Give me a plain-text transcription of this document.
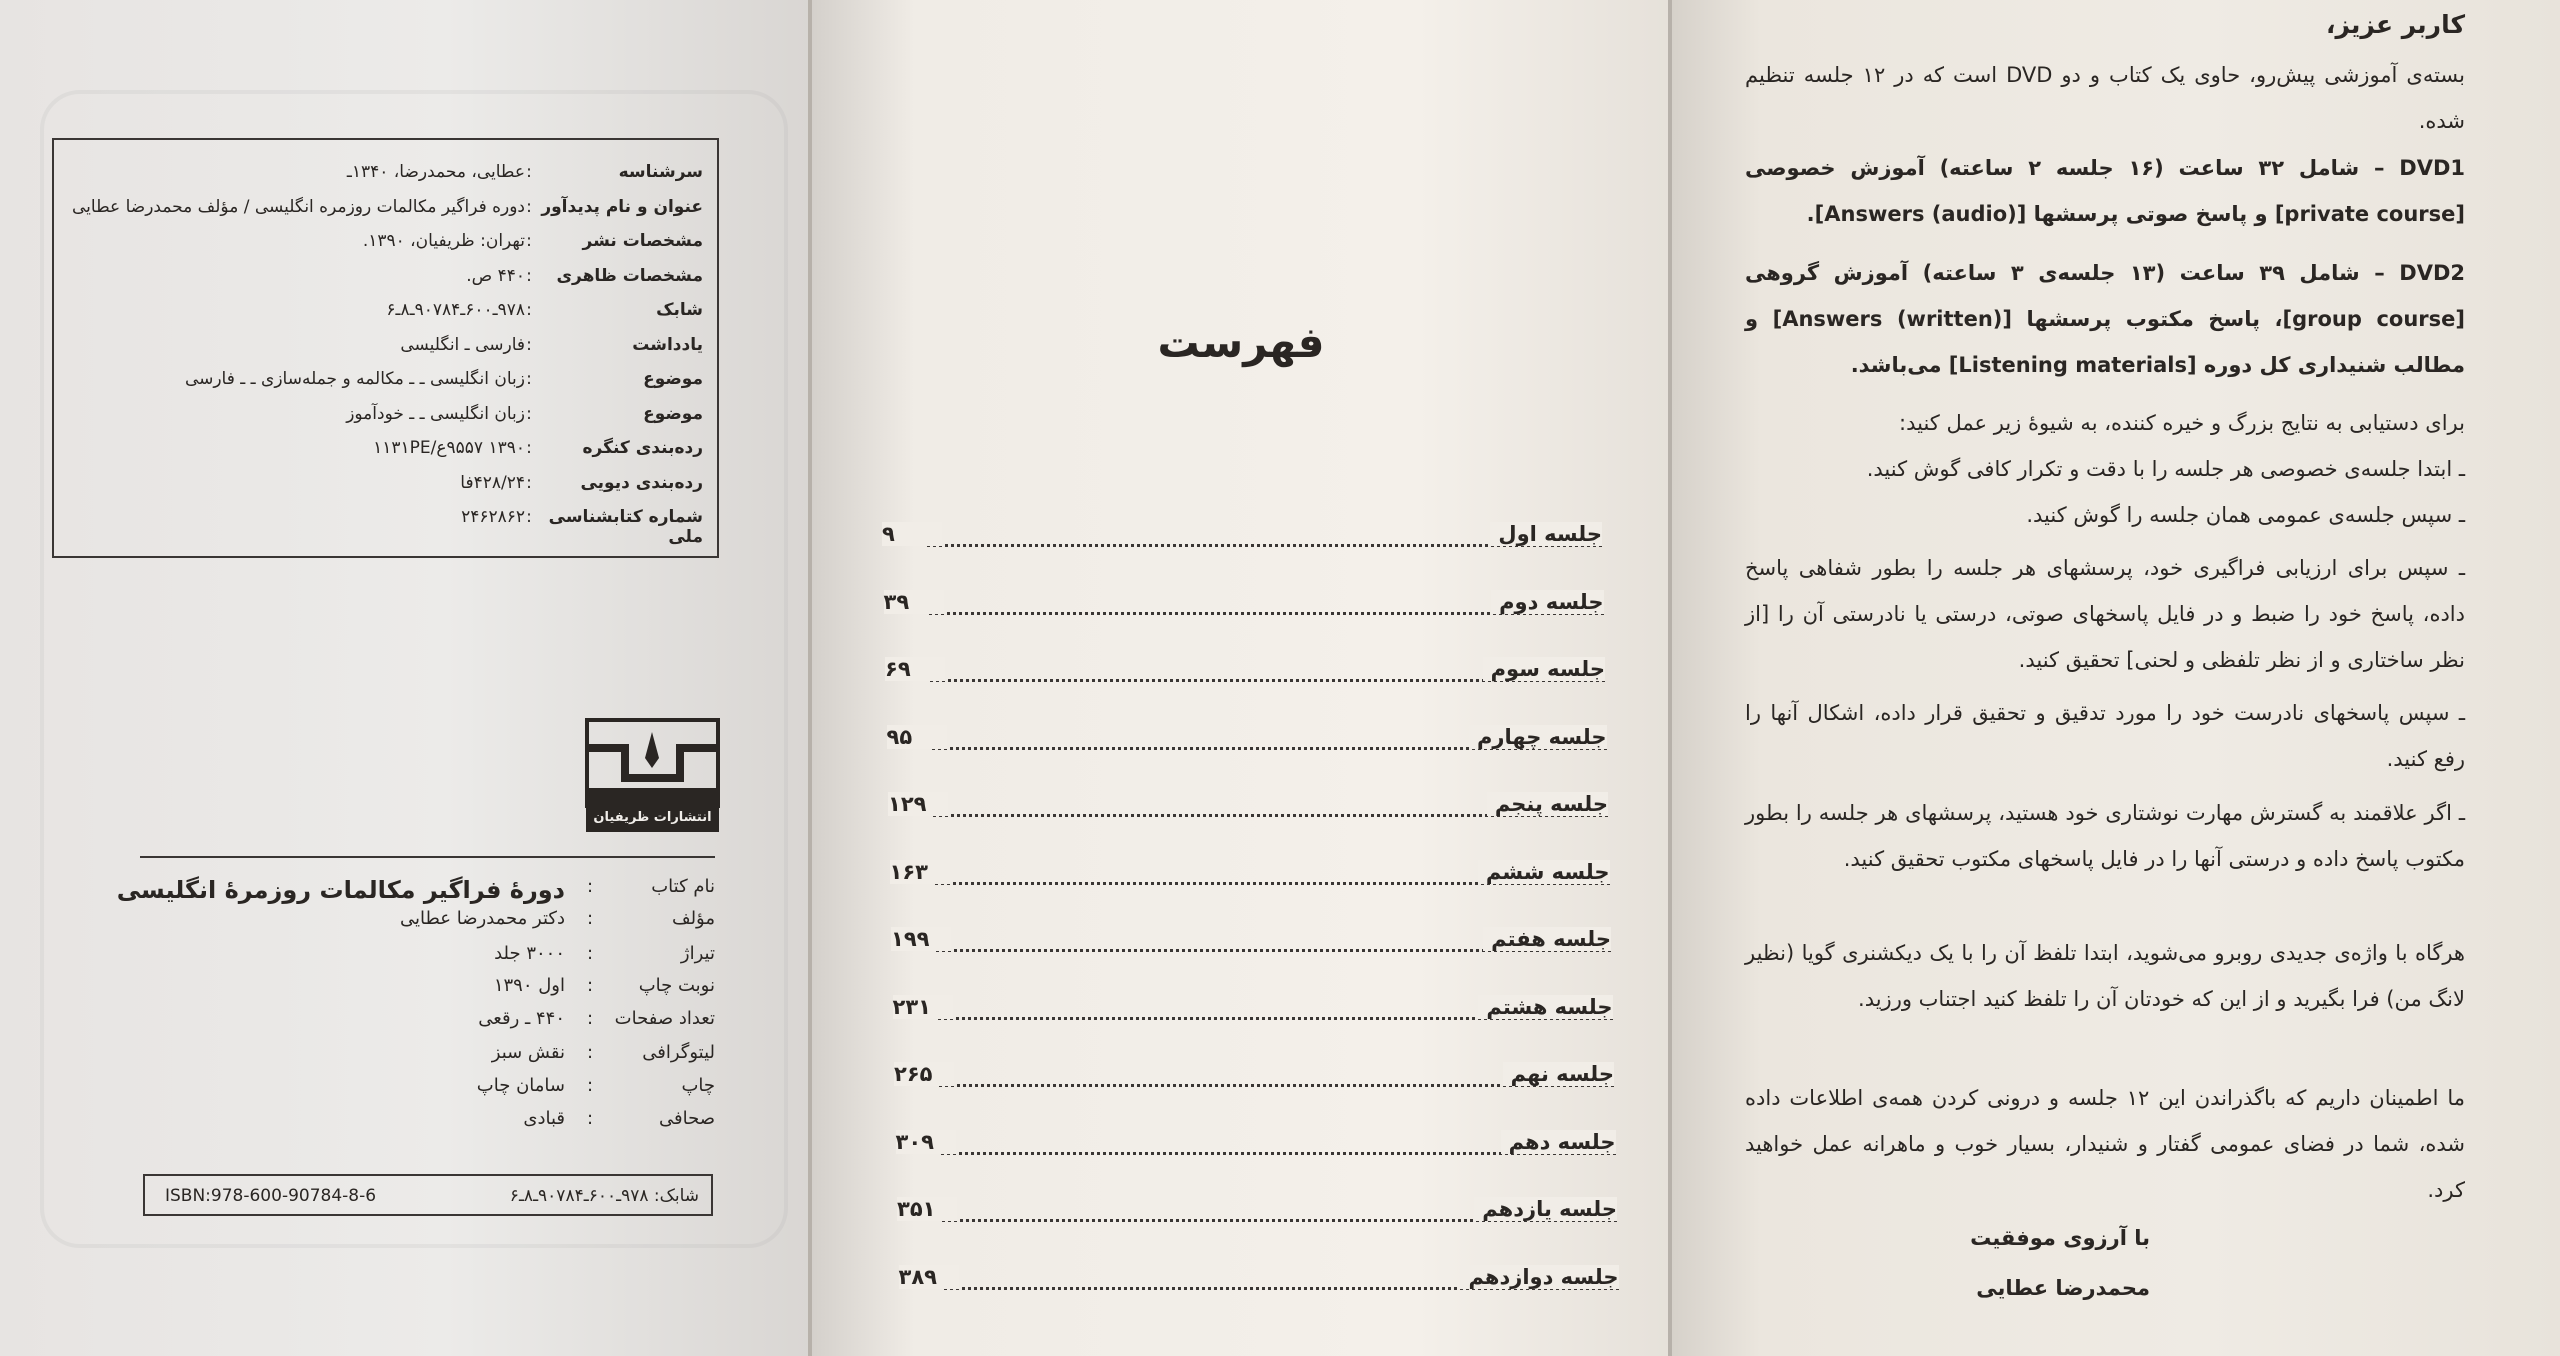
سرشناسه
:
عطایی، محمدرضا، ۱۳۴۰ـ
عنوان و نام پدیدآور
:
دوره فراگیر مکالمات روزمره انگلیسی / مؤلف محمدرضا عطایی
مشخصات نشر
:
تهران: ظریفیان، ۱۳۹۰.
مشخصات ظاهری
:
۴۴۰ ص.
شابک
:
۹۷۸ـ۶۰۰ـ۹۰۷۸۴ـ۸ـ۶
یادداشت
:
فارسی ـ انگلیسی
موضوع
:
زبان انگلیسی ـ ـ مکالمه و جمله‌سازی ـ ـ فارسی
موضوع
:
زبان انگلیسی ـ ـ خودآموز
رده‌بندی کنگره
:
۱۳۹۰ ۹۵۵۷ع/۱۱۳۱PE
رده‌بندی دیویی
:
۴۲۸/۲۴فا
شماره کتابشناسی ملی
:
۲۴۶۲۸۶۲
انتشارات ظریفیان
نام کتاب
:
دورهٔ فراگیر مکالمات روزمرهٔ انگلیسی
مؤلف
:
دکتر محمدرضا عطایی
تیراژ
:
۳۰۰۰ جلد
نوبت چاپ
:
اول ۱۳۹۰
تعداد صفحات
:
۴۴۰ ـ رقعی
لیتوگرافی
:
نقش سبز
چاپ
:
سامان چاپ
صحافی
:
قبادی
ISBN:978-600-90784-8-6	شابک: ۹۷۸ـ۶۰۰ـ۹۰۷۸۴ـ۸ـ۶
فهرست
جلسه اول
۹
جلسه دوم
۳۹
جلسه سوم
۶۹
جلسه چهارم
۹۵
جلسه پنجم
۱۲۹
جلسه ششم
۱۶۳
جلسه هفتم
۱۹۹
جلسه هشتم
۲۳۱
جلسه نهم
۲۶۵
جلسه دهم
۳۰۹
جلسه یازدهم
۳۵۱
جلسه دوازدهم
۳۸۹
کاربر عزیز،
بسته‌ی آموزشی پیش‌رو، حاوی یک کتاب و دو DVD است که در ۱۲ جلسه تنظیم شده.
DVD1 – شامل ۳۲ ساعت (۱۶ جلسه ۲ ساعته) آموزش خصوصی [private course] و پاسخ صوتی پرسشها [Answers (audio)].
DVD2 – شامل ۳۹ ساعت (۱۳ جلسه‌ی ۳ ساعته) آموزش گروهی [group course]، پاسخ مکتوب پرسشها [Answers (written)] و مطالب شنیداری کل دوره [Listening materials] می‌باشد.
برای دستیابی به نتایج بزرگ و خیره کننده، به شیوهٔ زیر عمل کنید:
ـ ابتدا جلسه‌ی خصوصی هر جلسه را با دقت و تکرار کافی گوش کنید.
ـ سپس جلسه‌ی عمومی همان جلسه را گوش کنید.
ـ سپس برای ارزیابی فراگیری خود، پرسشهای هر جلسه را بطور شفاهی پاسخ داده، پاسخ خود را ضبط و در فایل پاسخهای صوتی، درستی یا نادرستی آن را [از نظر ساختاری و از نظر تلفظی و لحنی] تحقیق کنید.
ـ سپس پاسخهای نادرست خود را مورد تدقیق و تحقیق قرار داده، اشکال آنها را رفع کنید.
ـ اگر علاقمند به گسترش مهارت نوشتاری خود هستید، پرسشهای هر جلسه را بطور مکتوب پاسخ داده و درستی آنها را در فایل پاسخهای مکتوب تحقیق کنید.
هرگاه با واژه‌ی جدیدی روبرو می‌شوید، ابتدا تلفظ آن را با یک دیکشنری گویا (نظیر لانگ من) فرا بگیرید و از این که خودتان آن را تلفظ کنید اجتناب ورزید.
ما اطمینان داریم که باگذراندن این ۱۲ جلسه و درونی کردن همه‌ی اطلاعات داده شده، شما در فضای عمومی گفتار و شنیدار، بسیار خوب و ماهرانه عمل خواهید کرد.
با آرزوی موفقیت
محمدرضا عطایی
